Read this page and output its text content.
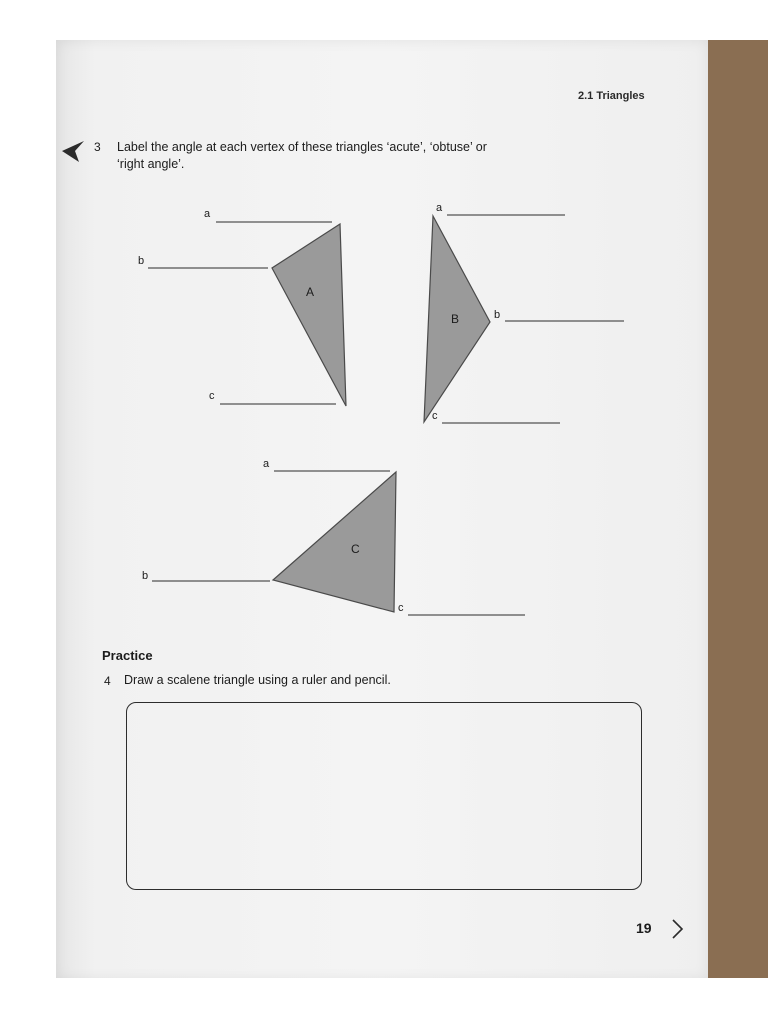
2.1 Triangles
3 Label the angle at each vertex of these triangles ‘acute’, ‘obtuse’ or ‘right angle’.
A
a
b
c
B
a
b
c
C
a
b
c
Practice
4 Draw a scalene triangle using a ruler and pencil.
19
